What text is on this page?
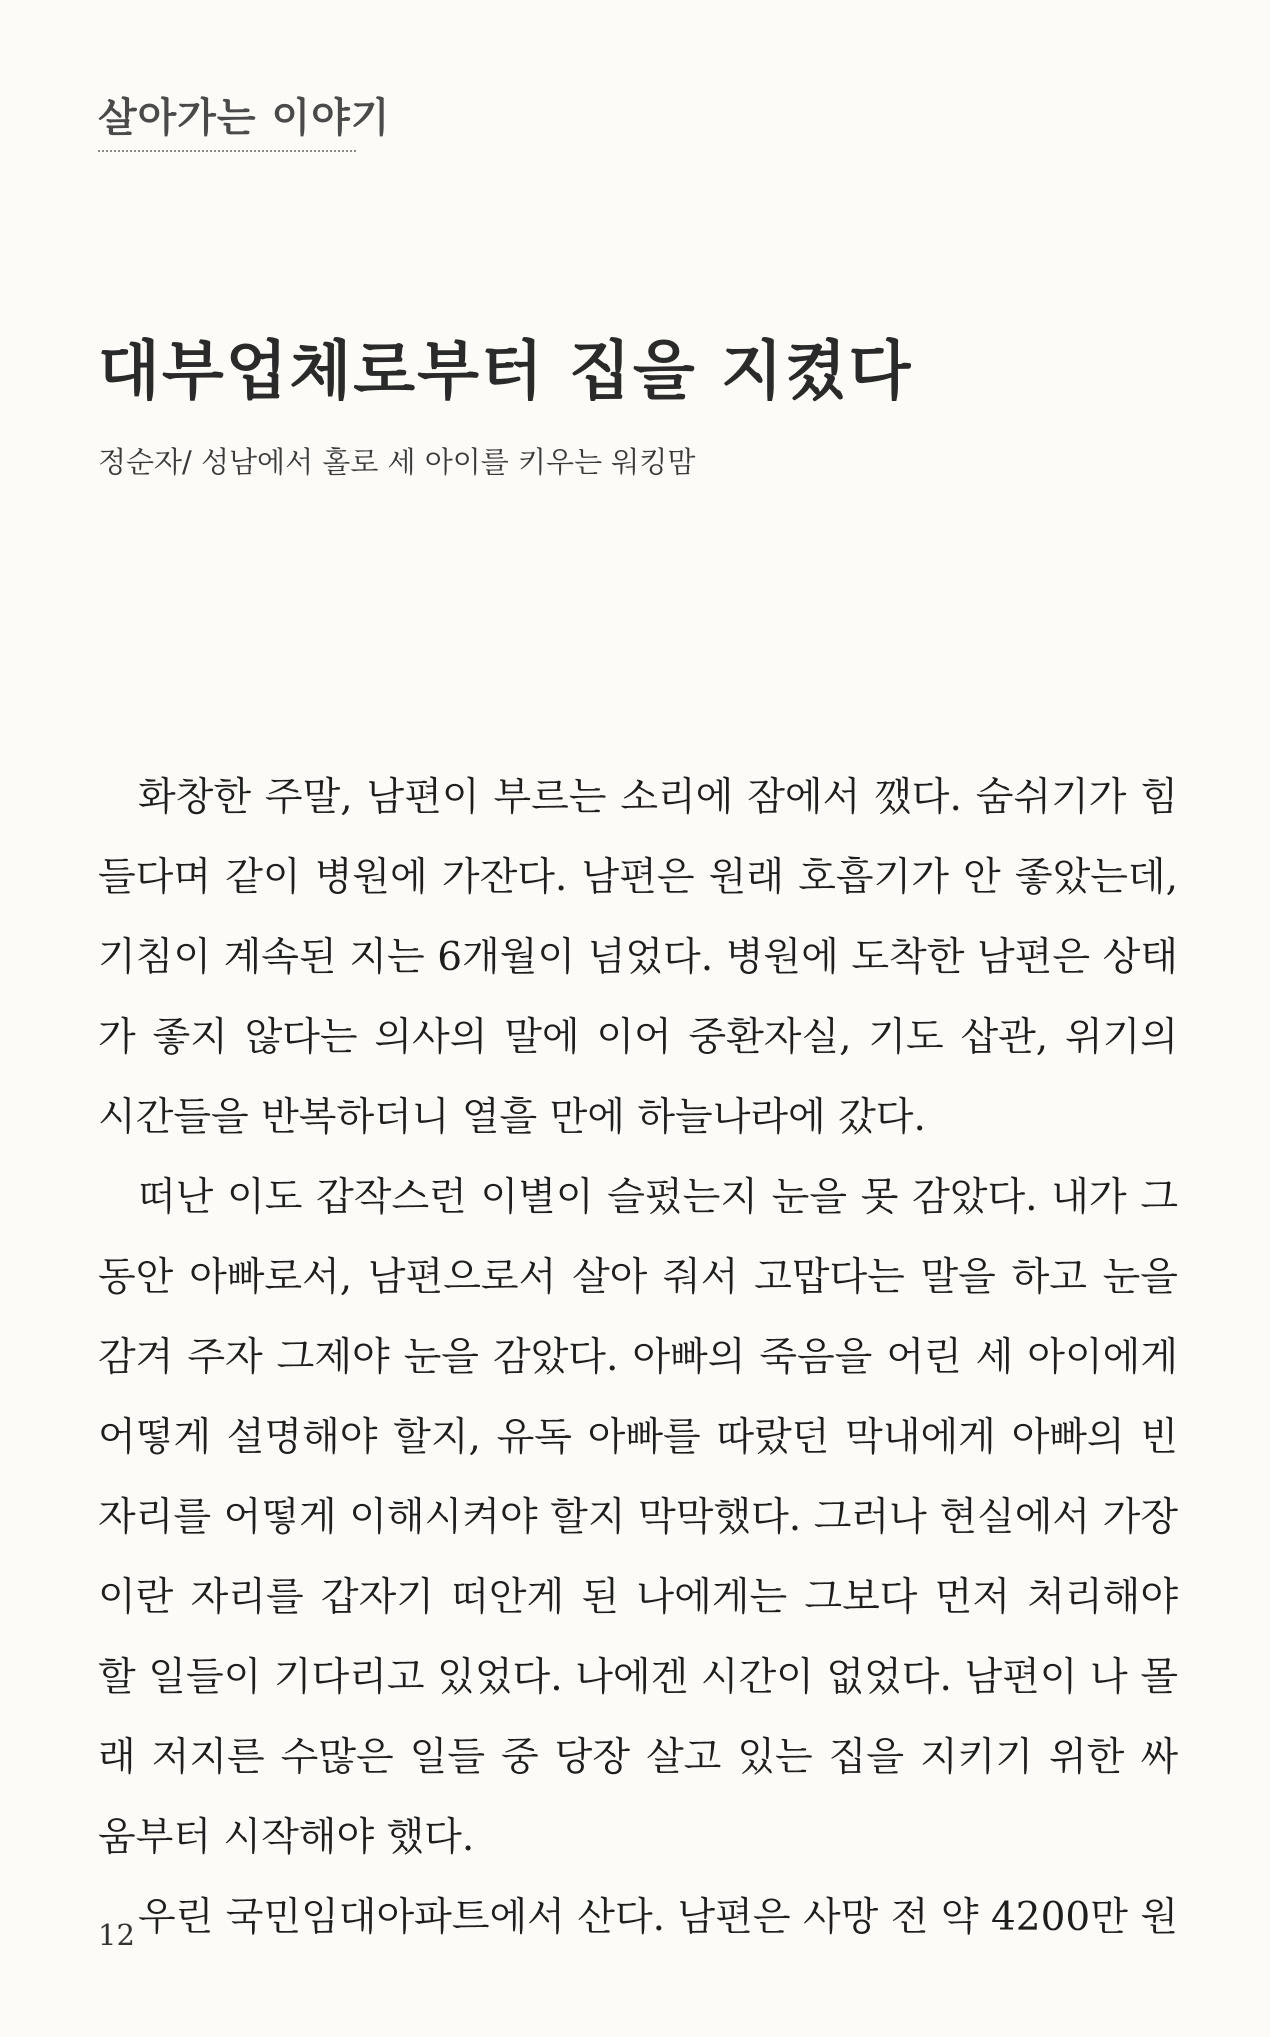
살아가는 이야기
대부업체로부터 집을 지켰다
정순자/ 성남에서 홀로 세 아이를 키우는 워킹맘
화창한 주말, 남편이 부르는 소리에 잠에서 깼다. 숨쉬기가 힘
들다며 같이 병원에 가잔다. 남편은 원래 호흡기가 안 좋았는데,
기침이 계속된 지는 6개월이 넘었다. 병원에 도착한 남편은 상태
가 좋지 않다는 의사의 말에 이어 중환자실, 기도 삽관, 위기의
시간들을 반복하더니 열흘 만에 하늘나라에 갔다.
떠난 이도 갑작스런 이별이 슬펐는지 눈을 못 감았다. 내가 그
동안 아빠로서, 남편으로서 살아 줘서 고맙다는 말을 하고 눈을
감겨 주자 그제야 눈을 감았다. 아빠의 죽음을 어린 세 아이에게
어떻게 설명해야 할지, 유독 아빠를 따랐던 막내에게 아빠의 빈
자리를 어떻게 이해시켜야 할지 막막했다. 그러나 현실에서 가장
이란 자리를 갑자기 떠안게 된 나에게는 그보다 먼저 처리해야
할 일들이 기다리고 있었다. 나에겐 시간이 없었다. 남편이 나 몰
래 저지른 수많은 일들 중 당장 살고 있는 집을 지키기 위한 싸
움부터 시작해야 했다.
우린 국민임대아파트에서 산다. 남편은 사망 전 약 4200만 원
12
